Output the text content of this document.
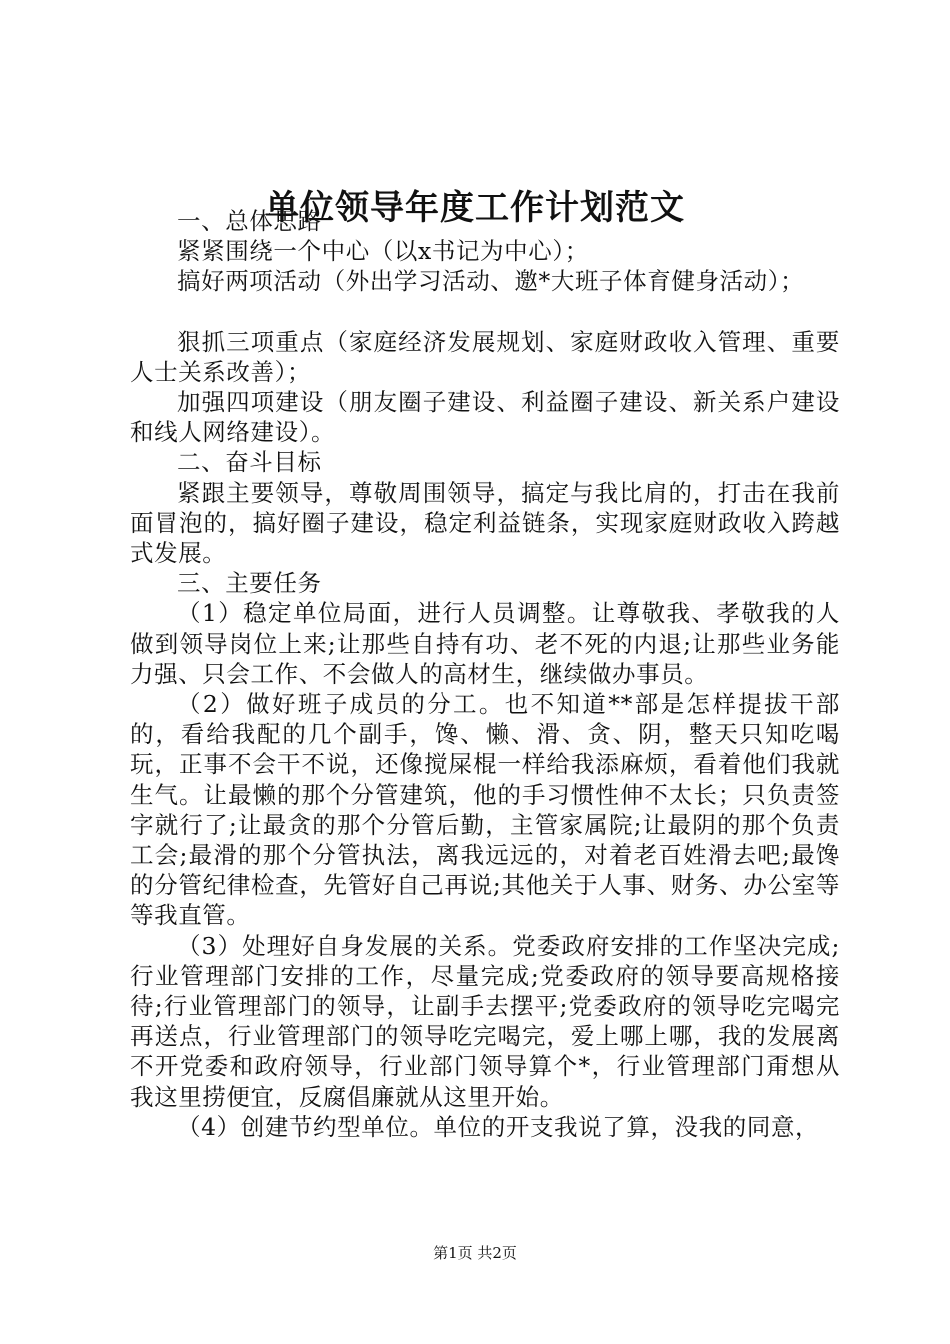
单位领导年度工作计划范文

一、总体思路

紧紧围绕一个中心（以x书记为中心）；

搞好两项活动（外出学习活动、邀*大班子体育健身活动）；

狠抓三项重点（家庭经济发展规划、家庭财政收入管理、重要人士关系改善）；

加强四项建设（朋友圈子建设、利益圈子建设、新关系户建设和线人网络建设）。

二、奋斗目标

紧跟主要领导，尊敬周围领导，搞定与我比肩的，打击在我前面冒泡的，搞好圈子建设，稳定利益链条，实现家庭财政收入跨越式发展。

三、主要任务

（1）稳定单位局面，进行人员调整。让尊敬我、孝敬我的人做到领导岗位上来;让那些自持有功、老不死的内退;让那些业务能力强、只会工作、不会做人的高材生，继续做办事员。

（2）做好班子成员的分工。也不知道**部是怎样提拔干部的，看给我配的几个副手，馋、懒、滑、贪、阴，整天只知吃喝玩，正事不会干不说，还像搅屎棍一样给我添麻烦，看着他们我就生气。让最懒的那个分管建筑，他的手习惯性伸不太长；只负责签字就行了;让最贪的那个分管后勤，主管家属院;让最阴的那个负责工会;最滑的那个分管执法，离我远远的，对着老百姓滑去吧;最馋的分管纪律检查，先管好自己再说;其他关于人事、财务、办公室等等我直管。

（3）处理好自身发展的关系。党委政府安排的工作坚决完成;行业管理部门安排的工作，尽量完成;党委政府的领导要高规格接待;行业管理部门的领导，让副手去摆平;党委政府的领导吃完喝完再送点，行业管理部门的领导吃完喝完，爱上哪上哪，我的发展离不开党委和政府领导，行业部门领导算个*，行业管理部门甭想从我这里捞便宜，反腐倡廉就从这里开始。

（4）创建节约型单位。单位的开支我说了算，没我的同意，

第1页 共2页
